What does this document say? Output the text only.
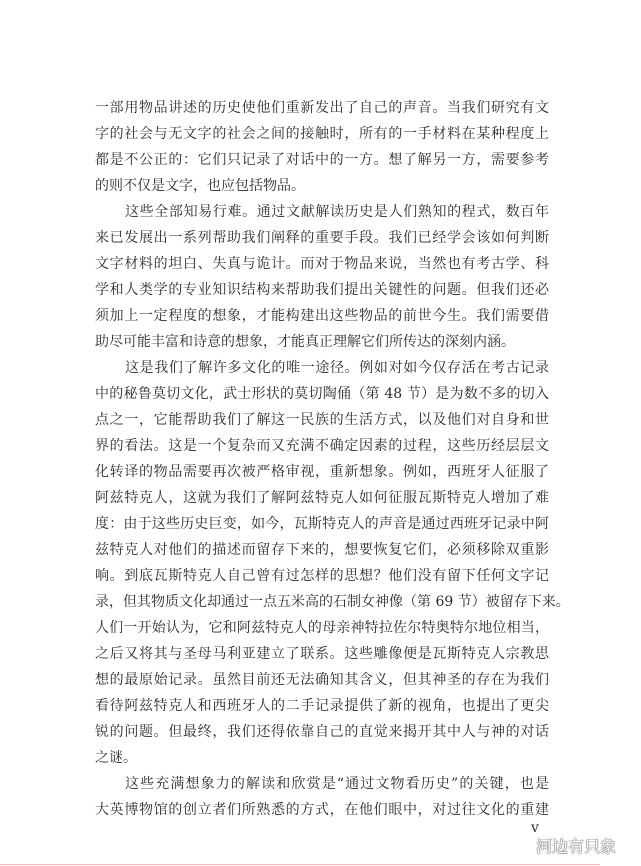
一部用物品讲述的历史使他们重新发出了自己的声音。当我们研究有文
字的社会与无文字的社会之间的接触时，所有的一手材料在某种程度上
都是不公正的：它们只记录了对话中的一方。想了解另一方，需要参考
的则不仅是文字，也应包括物品。
这些全部知易行难。通过文献解读历史是人们熟知的程式，数百年
来已发展出一系列帮助我们阐释的重要手段。我们已经学会该如何判断
文字材料的坦白、失真与诡计。而对于物品来说，当然也有考古学、科
学和人类学的专业知识结构来帮助我们提出关键性的问题。但我们还必
须加上一定程度的想象，才能构建出这些物品的前世今生。我们需要借
助尽可能丰富和诗意的想象，才能真正理解它们所传达的深刻内涵。
这是我们了解许多文化的唯一途径。例如对如今仅存活在考古记录
中的秘鲁莫切文化，武士形状的莫切陶俑（第 48 节）是为数不多的切入
点之一，它能帮助我们了解这一民族的生活方式，以及他们对自身和世
界的看法。这是一个复杂而又充满不确定因素的过程，这些历经层层文
化转译的物品需要再次被严格审视，重新想象。例如，西班牙人征服了
阿兹特克人，这就为我们了解阿兹特克人如何征服瓦斯特克人增加了难
度：由于这些历史巨变，如今，瓦斯特克人的声音是通过西班牙记录中阿
兹特克人对他们的描述而留存下来的，想要恢复它们，必须移除双重影
响。到底瓦斯特克人自己曾有过怎样的思想？他们没有留下任何文字记
录，但其物质文化却通过一点五米高的石制女神像（第 69 节）被留存下来。
人们一开始认为，它和阿兹特克人的母亲神特拉佐尔特奥特尔地位相当，
之后又将其与圣母马利亚建立了联系。这些雕像便是瓦斯特克人宗教思
想的最原始记录。虽然目前还无法确知其含义，但其神圣的存在为我们
看待阿兹特克人和西班牙人的二手记录提供了新的视角，也提出了更尖
锐的问题。但最终，我们还得依靠自己的直觉来揭开其中人与神的对话
之谜。
这些充满想象力的解读和欣赏是“通过文物看历史”的关键，也是
大英博物馆的创立者们所熟悉的方式，在他们眼中，对过往文化的重建
v
河边有只象
